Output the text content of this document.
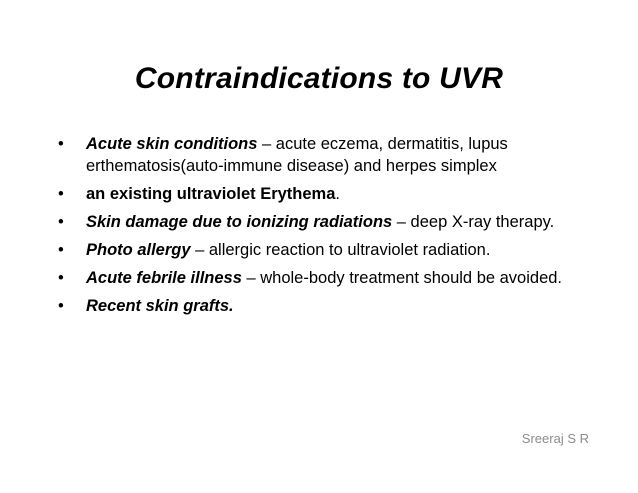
Contraindications to UVR
• Acute skin conditions – acute eczema, dermatitis, lupus erthematosis(auto-immune disease) and herpes simplex
• an existing ultraviolet Erythema.
• Skin damage due to ionizing radiations – deep X-ray therapy.
• Photo allergy – allergic reaction to ultraviolet radiation.
• Acute febrile illness – whole-body treatment should be avoided.
• Recent skin grafts.
Sreeraj S R
